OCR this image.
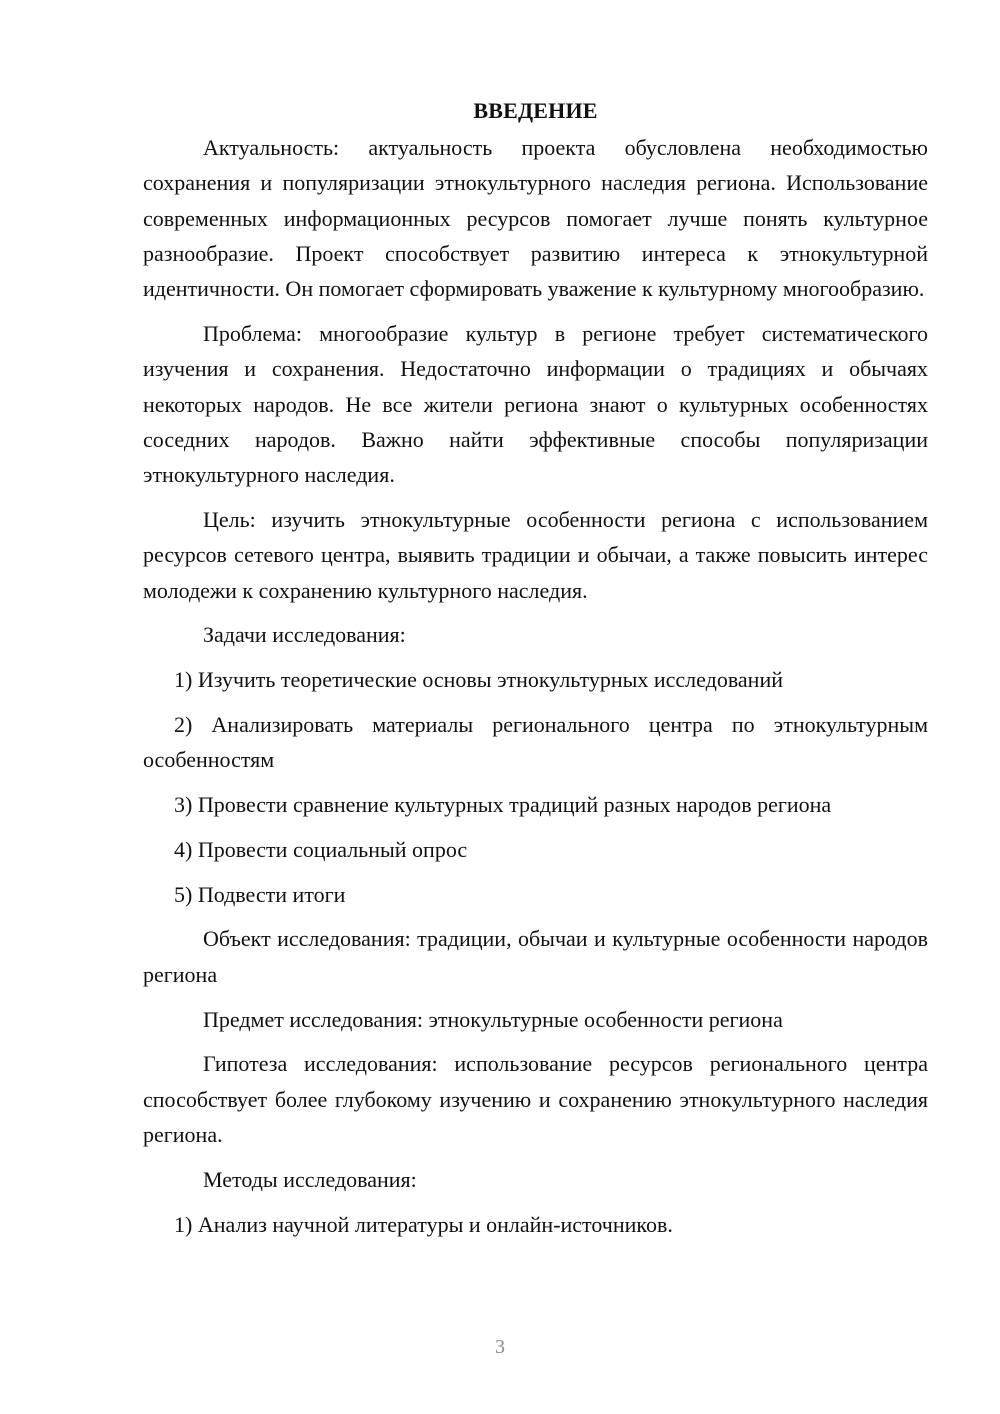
ВВЕДЕНИЕ

Актуальность: актуальность проекта обусловлена необходимостью сохранения и популяризации этнокультурного наследия региона. Использование современных информационных ресурсов помогает лучше понять культурное разнообразие. Проект способствует развитию интереса к этнокультурной идентичности. Он помогает сформировать уважение к культурному многообразию.

Проблема: многообразие культур в регионе требует систематического изучения и сохранения. Недостаточно информации о традициях и обычаях некоторых народов. Не все жители региона знают о культурных особенностях соседних народов. Важно найти эффективные способы популяризации этнокультурного наследия.

Цель: изучить этнокультурные особенности региона с использованием ресурсов сетевого центра, выявить традиции и обычаи, а также повысить интерес молодежи к сохранению культурного наследия.

Задачи исследования:

1) Изучить теоретические основы этнокультурных исследований

2) Анализировать материалы регионального центра по этнокультурным особенностям

3) Провести сравнение культурных традиций разных народов региона

4) Провести социальный опрос

5) Подвести итоги

Объект исследования: традиции, обычаи и культурные особенности народов региона

Предмет исследования: этнокультурные особенности региона

Гипотеза исследования: использование ресурсов регионального центра способствует более глубокому изучению и сохранению этнокультурного наследия региона.

Методы исследования:

1) Анализ научной литературы и онлайн-источников.

3
